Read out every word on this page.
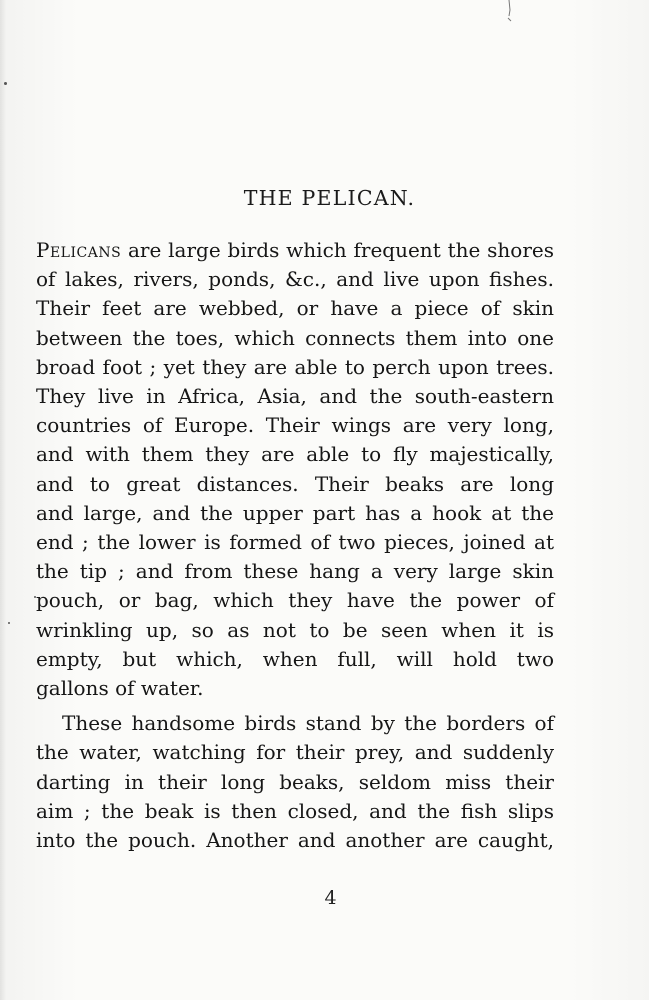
THE PELICAN.

Pelicans are large birds which frequent the shores
of lakes, rivers, ponds, &c., and live upon fishes.
Their feet are webbed, or have a piece of skin
between the toes, which connects them into one
broad foot ; yet they are able to perch upon trees.
They live in Africa, Asia, and the south-eastern
countries of Europe. Their wings are very long,
and with them they are able to fly majestically,
and to great distances. Their beaks are long
and large, and the upper part has a hook at the
end ; the lower is formed of two pieces, joined at
the tip ; and from these hang a very large skin
pouch, or bag, which they have the power of
wrinkling up, so as not to be seen when it is
empty, but which, when full, will hold two
gallons of water.

These handsome birds stand by the borders of
the water, watching for their prey, and suddenly
darting in their long beaks, seldom miss their
aim ; the beak is then closed, and the fish slips
into the pouch. Another and another are caught,

4
